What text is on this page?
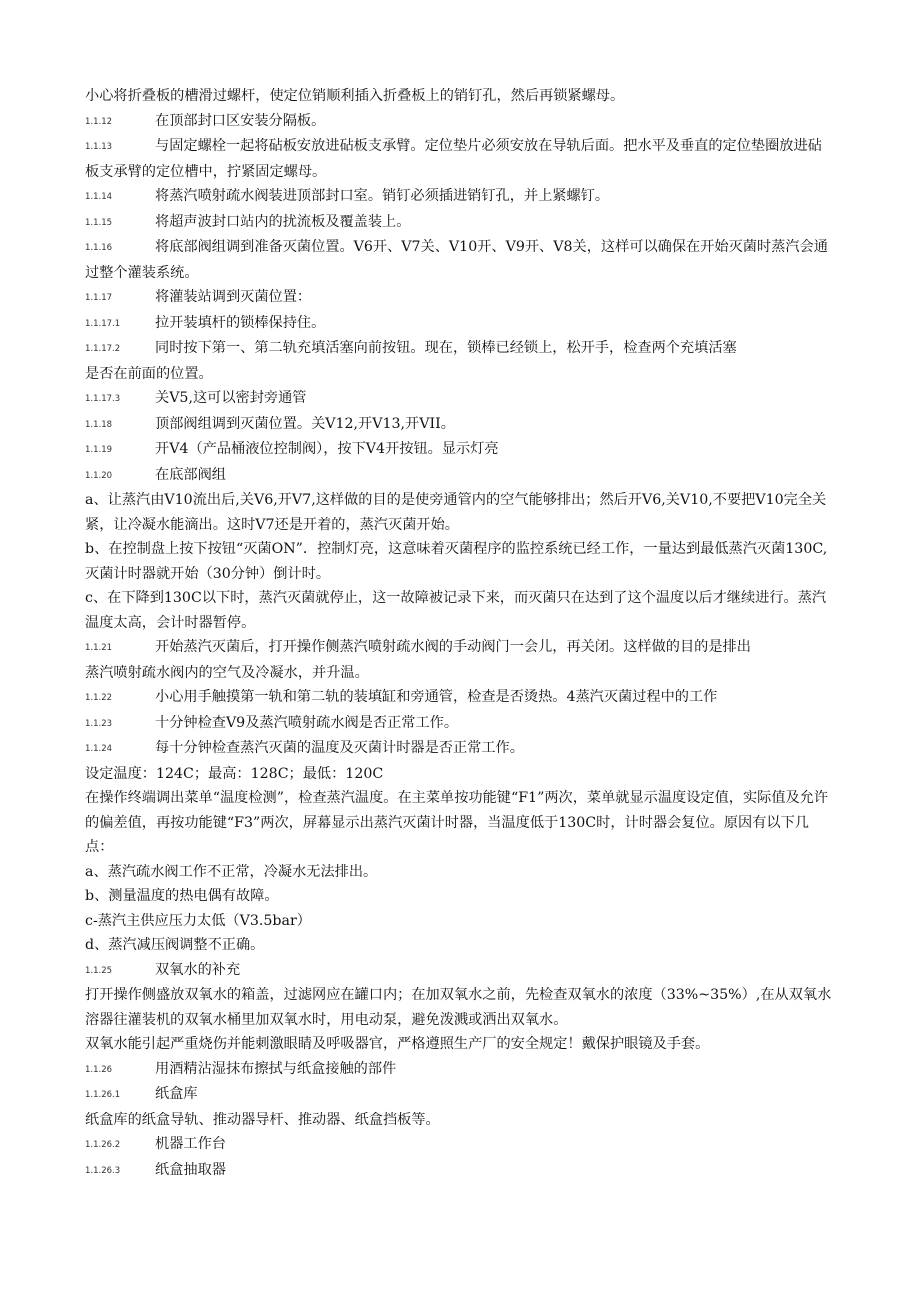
小心将折叠板的槽滑过螺杆，使定位销顺利插入折叠板上的销钉孔，然后再锁紧螺母。

1.1.12	在顶部封口区安装分隔板。

1.1.13	与固定螺栓一起将砧板安放进砧板支承臂。定位垫片必须安放在导轨后面。把水平及垂直的定位垫圈放进砧板支承臂的定位槽中，拧紧固定螺母。

1.1.14	将蒸汽喷射疏水阀装进顶部封口室。销钉必须插进销钉孔，并上紧螺钉。

1.1.15	将超声波封口站内的扰流板及覆盖装上。

1.1.16	将底部阀组调到准备灭菌位置。V6开、V7关、V10开、V9开、V8关，这样可以确保在开始灭菌时蒸汽会通过整个灌装系统。

1.1.17	将灌装站调到灭菌位置：

1.1.17.1 拉开装填杆的锁棒保持住。

1.1.17.2 同时按下第一、第二轨充填活塞向前按钮。现在，锁棒已经锁上，松开手，检查两个充填活塞

是否在前面的位置。

1.1.17.3 关V5,这可以密封旁通管

1.1.18	顶部阀组调到灭菌位置。关V12,开V13,开VII。

1.1.19	开V4（产品桶液位控制阀），按下V4开按钮。显示灯亮

1.1.20	在底部阀组

a、让蒸汽由V10流出后,关V6,开V7,这样做的目的是使旁通管内的空气能够排出；然后开V6,关V10,不要把V10完全关紧，让冷凝水能滴出。这时V7还是开着的，蒸汽灭菌开始。

b、在控制盘上按下按钮“灭菌ON”．控制灯亮，这意味着灭菌程序的监控系统已经工作，一量达到最低蒸汽灭菌130C,灭菌计时器就开始（30分钟）倒计时。

c、在下降到130C以下时，蒸汽灭菌就停止，这一故障被记录下来，而灭菌只在达到了这个温度以后才继续进行。蒸汽温度太高，会计时器暂停。

1.1.21	开始蒸汽灭菌后，打开操作侧蒸汽喷射疏水阀的手动阀门一会儿，再关闭。这样做的目的是排出

蒸汽喷射疏水阀内的空气及冷凝水，并升温。

1.1.22	小心用手触摸第一轨和第二轨的装填缸和旁通管，检查是否烫热。4蒸汽灭菌过程中的工作

1.1.23	十分钟检查V9及蒸汽喷射疏水阀是否正常工作。

1.1.24	每十分钟检查蒸汽灭菌的温度及灭菌计时器是否正常工作。

设定温度：124C；最高：128C；最低：120C

在操作终端调出菜单“温度检测”，检查蒸汽温度。在主菜单按功能键“F1”两次，菜单就显示温度设定值，实际值及允许的偏差值，再按功能键“F3”两次，屏幕显示出蒸汽灭菌计时器，当温度低于130C时，计时器会复位。原因有以下几点：

a、蒸汽疏水阀工作不正常，冷凝水无法排出。

b、测量温度的热电偶有故障。

c-蒸汽主供应压力太低（V3.5bar）

d、蒸汽减压阀调整不正确。

1.1.25	双氧水的补充

打开操作侧盛放双氧水的箱盖，过滤网应在罐口内；在加双氧水之前，先检查双氧水的浓度（33%~35%）,在从双氧水溶器往灌装机的双氧水桶里加双氧水时，用电动泵，避免泼溅或洒出双氧水。

双氧水能引起严重烧伤并能刺激眼睛及呼吸器官，严格遵照生产厂的安全规定！戴保护眼镜及手套。

1.1.26	用酒精沾湿抹布擦拭与纸盒接触的部件

1.1.26.1 纸盒库

纸盒库的纸盒导轨、推动器导杆、推动器、纸盒挡板等。

1.1.26.2 机器工作台

1.1.26.3 纸盒抽取器
